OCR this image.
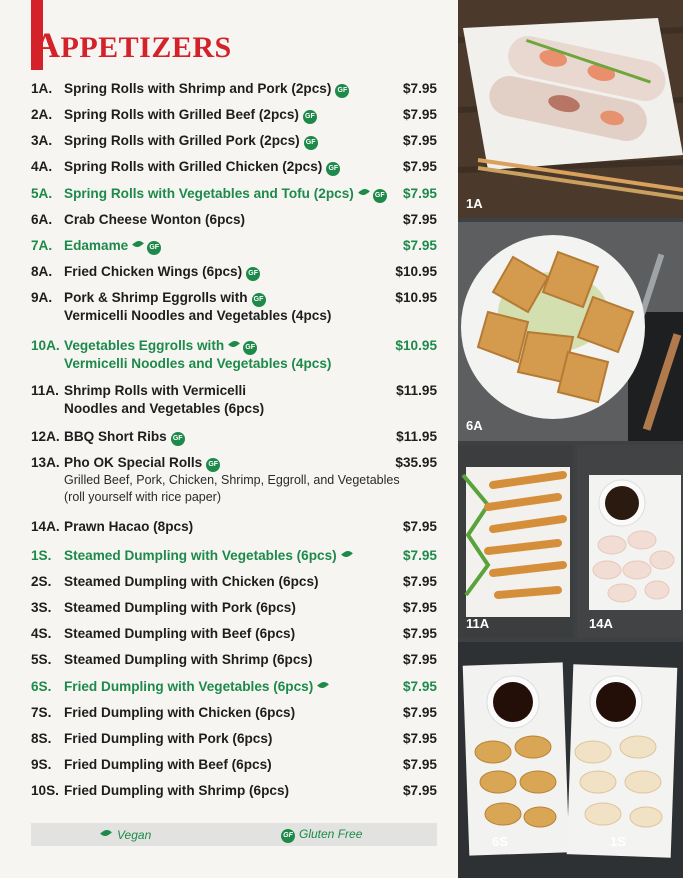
APPETIZERS
1A. Spring Rolls with Shrimp and Pork (2pcs) GF	$7.95
2A. Spring Rolls with Grilled Beef (2pcs) GF	$7.95
3A. Spring Rolls with Grilled Pork (2pcs) GF	$7.95
4A. Spring Rolls with Grilled Chicken (2pcs) GF	$7.95
5A. Spring Rolls with Vegetables and Tofu (2pcs)	GF $7.95
6A. Crab Cheese Wonton (6pcs)	$7.95
7A. Edamame	GF	$7.95
8A. Fried Chicken Wings (6pcs) GF	$10.95
9A. Pork & Shrimp Eggrolls with GF
Vermicelli Noodles and Vegetables (4pcs)
$10.95
10A. Vegetables Eggrolls with	GF
Vermicelli Noodles and Vegetables (4pcs)
$10.95
11A. Shrimp Rolls with Vermicelli
Noodles and Vegetables (6pcs)
$11.95
12A. BBQ Short Ribs GF	$11.95
13A. Pho OK Special Rolls GF
Grilled Beef, Pork, Chicken, Shrimp, Eggroll, and Vegetables
(roll yourself with rice paper)
$35.95
14A. Prawn Hacao (8pcs)	$7.95
1S. Steamed Dumpling with Vegetables (6pcs)	$7.95
2S. Steamed Dumpling with Chicken (6pcs)	$7.95
3S. Steamed Dumpling with Pork (6pcs)	$7.95
4S. Steamed Dumpling with Beef (6pcs)	$7.95
5S. Steamed Dumpling with Shrimp (6pcs)	$7.95
6S. Fried Dumpling with Vegetables (6pcs)	$7.95
7S. Fried Dumpling with Chicken (6pcs)	$7.95
8S. Fried Dumpling with Pork (6pcs)	$7.95
9S. Fried Dumpling with Beef (6pcs)	$7.95
10S. Fried Dumpling with Shrimp (6pcs)	$7.95
Vegan	GF Gluten Free
1A
6A
11A	14A
6S	1S
